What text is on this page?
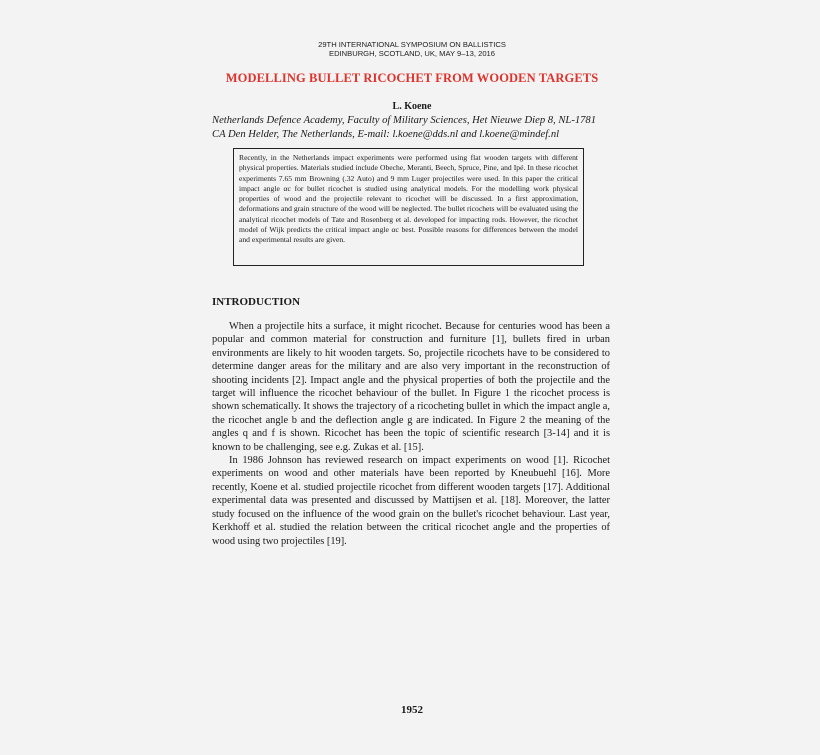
29TH INTERNATIONAL SYMPOSIUM ON BALLISTICS
EDINBURGH, SCOTLAND, UK, MAY 9–13, 2016
MODELLING BULLET RICOCHET FROM WOODEN TARGETS
L. Koene
Netherlands Defence Academy, Faculty of Military Sciences, Het Nieuwe Diep 8, NL-1781
CA Den Helder, The Netherlands, E-mail: l.koene@dds.nl and l.koene@mindef.nl
Recently, in the Netherlands impact experiments were performed using flat wooden targets with different physical properties. Materials studied include Obeche, Meranti, Beech, Spruce, Pine, and Ipé. In these ricochet experiments 7.65 mm Browning (.32 Auto) and 9 mm Luger projectiles were used. In this paper the critical impact angle αc for bullet ricochet is studied using analytical models. For the modelling work physical properties of wood and the projectile relevant to ricochet will be discussed. In a first approximation, deformations and grain structure of the wood will be neglected. The bullet ricochets will be evaluated using the analytical ricochet models of Tate and Rosenberg et al. developed for impacting rods. However, the ricochet model of Wijk predicts the critical impact angle αc best. Possible reasons for differences between the model and experimental results are given.
INTRODUCTION

When a projectile hits a surface, it might ricochet. Because for centuries wood has been a popular and common material for construction and furniture [1], bullets fired in urban environments are likely to hit wooden targets. So, projectile ricochets have to be considered to determine danger areas for the military and are also very important in the reconstruction of shooting incidents [2]. Impact angle and the physical properties of both the projectile and the target will influence the ricochet behaviour of the bullet. In Figure 1 the ricochet process is shown schematically. It shows the trajectory of a ricocheting bullet in which the impact angle a, the ricochet angle b and the deflection angle g are indicated. In Figure 2 the meaning of the angles q and f is shown. Ricochet has been the topic of scientific research [3-14] and it is known to be challenging, see e.g. Zukas et al. [15].

In 1986 Johnson has reviewed research on impact experiments on wood [1]. Ricochet experiments on wood and other materials have been reported by Kneubuehl [16]. More recently, Koene et al. studied projectile ricochet from different wooden targets [17]. Additional experimental data was presented and discussed by Mattijsen et al. [18]. Moreover, the latter study focused on the influence of the wood grain on the bullet's ricochet behaviour. Last year, Kerkhoff et al. studied the relation between the critical ricochet angle and the properties of wood using two projectiles [19].

1952
